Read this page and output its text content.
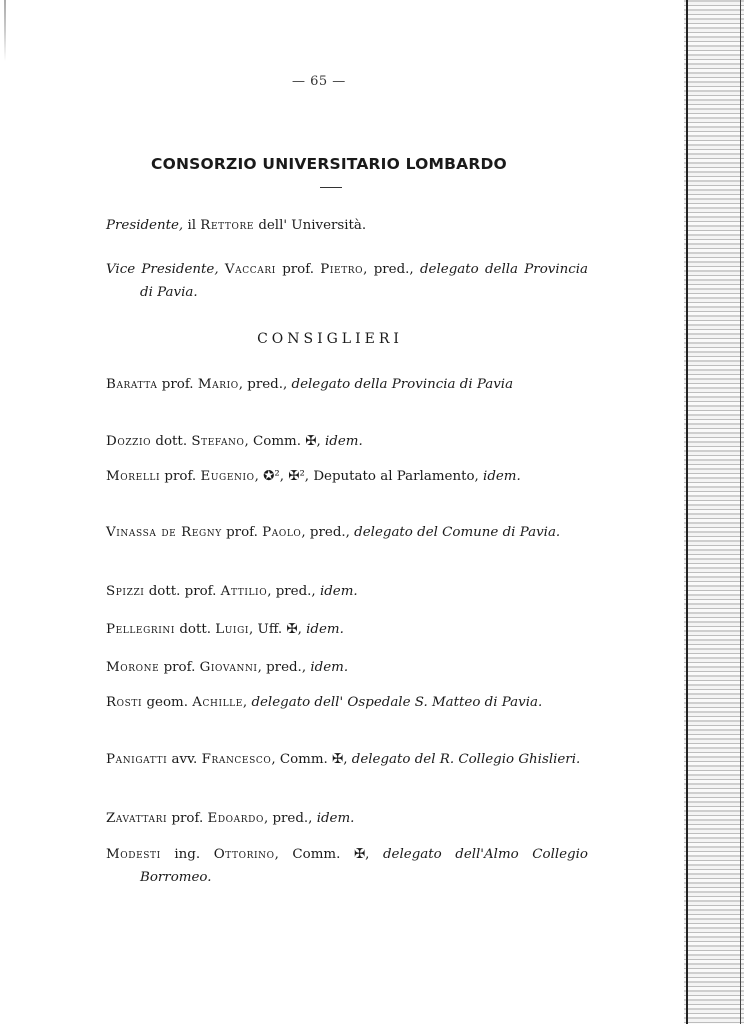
— 65 —
CONSORZIO UNIVERSITARIO LOMBARDO
Presidente, il Rettore dell' Università.
Vice Presidente, Vaccari prof. Pietro, pred., delegato della Provincia di Pavia.
CONSIGLIERI
Baratta prof. Mario, pred., delegato della Provincia di Pavia
Dozzio dott. Stefano, Comm. ✠, idem.
Morelli prof. Eugenio, ✪², ✠², Deputato al Parlamento, idem.
Vinassa de Regny prof. Paolo, pred., delegato del Comune di Pavia.
Spizzi dott. prof. Attilio, pred., idem.
Pellegrini dott. Luigi, Uff. ✠, idem.
Morone prof. Giovanni, pred., idem.
Rosti geom. Achille, delegato dell' Ospedale S. Matteo di Pavia.
Panigatti avv. Francesco, Comm. ✠, delegato del R. Collegio Ghislieri.
Zavattari prof. Edoardo, pred., idem.
Modesti ing. Ottorino, Comm. ✠, delegato dell'Almo Collegio Borromeo.
